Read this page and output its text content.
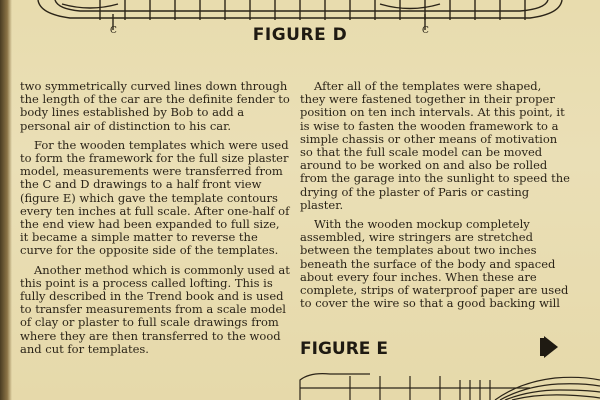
C	C
FIGURE D

two symmetrically curved lines down through the length of the car are the definite fender to body lines established by Bob to add a personal air of distinction to his car.

For the wooden templates which were used to form the framework for the full size plaster model, measurements were transferred from the C and D drawings to a half front view (figure E) which gave the template contours every ten inches at full scale. After one-half of the end view had been expanded to full size, it became a simple matter to reverse the curve for the opposite side of the templates.

Another method which is commonly used at this point is a process called lofting. This is fully described in the Trend book and is used to transfer measurements from a scale model of clay or plaster to full scale drawings from where they are then transferred to the wood and cut for templates.

After all of the templates were shaped, they were fastened together in their proper position on ten inch intervals. At this point, it is wise to fasten the wooden framework to a simple chassis or other means of motivation so that the full scale model can be moved around to be worked on and also be rolled from the garage into the sunlight to speed the drying of the plaster of Paris or casting plaster.

With the wooden mockup completely assembled, wire stringers are stretched between the templates about two inches beneath the surface of the body and spaced about every four inches. When these are complete, strips of waterproof paper are used to cover the wire so that a good backing will

FIGURE E
